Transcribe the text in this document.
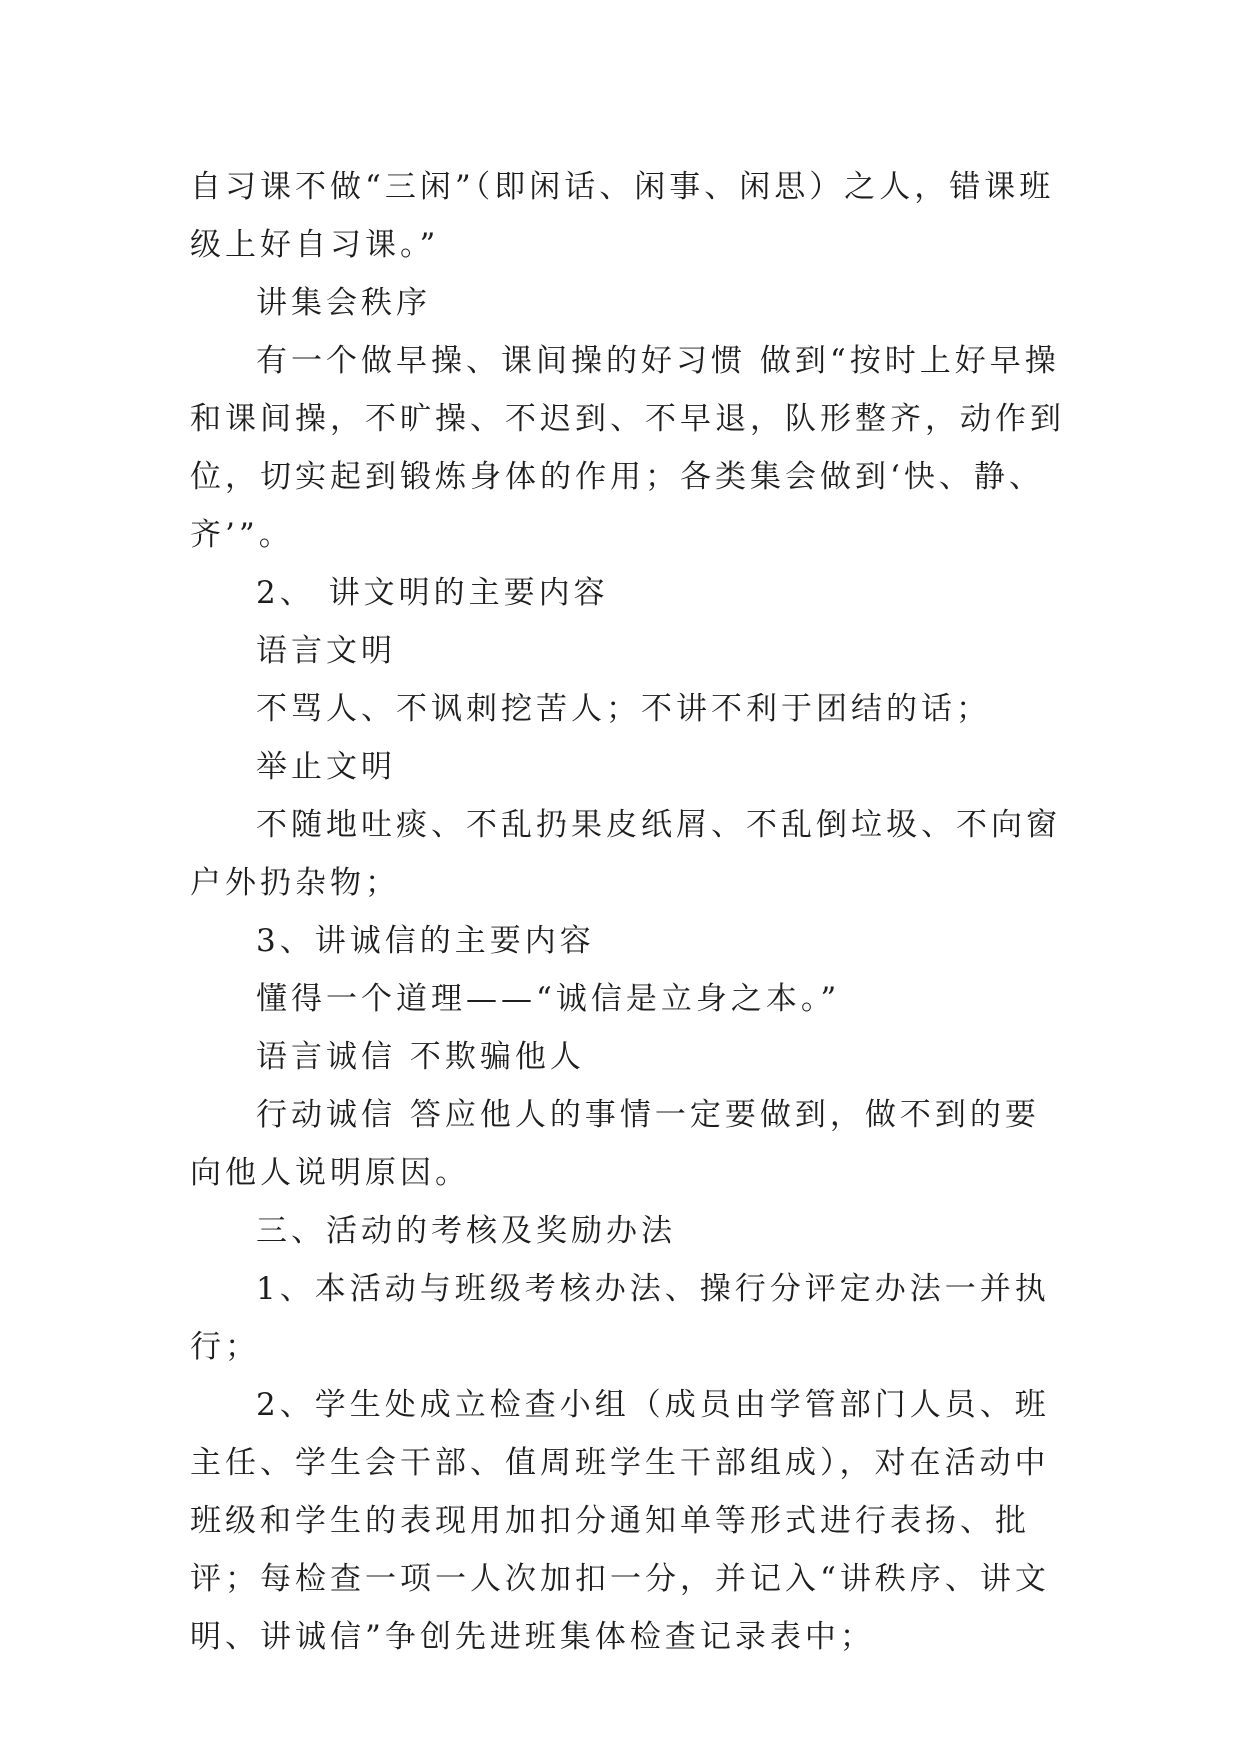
自习课不做“三闲”（即闲话、闲事、闲思）之人，错课班级上好自习课。”

讲集会秩序

有一个做早操、课间操的好习惯 做到“按时上好早操和课间操，不旷操、不迟到、不早退，队形整齐，动作到位，切实起到锻炼身体的作用；各类集会做到‘快、静、齐’”。

2、 讲文明的主要内容

语言文明

不骂人、不讽刺挖苦人；不讲不利于团结的话；

举止文明

不随地吐痰、不乱扔果皮纸屑、不乱倒垃圾、不向窗户外扔杂物；

3、讲诚信的主要内容

懂得一个道理——“诚信是立身之本。”

语言诚信 不欺骗他人

行动诚信 答应他人的事情一定要做到，做不到的要向他人说明原因。

三、活动的考核及奖励办法

1、本活动与班级考核办法、操行分评定办法一并执行；

2、学生处成立检查小组（成员由学管部门人员、班主任、学生会干部、值周班学生干部组成），对在活动中班级和学生的表现用加扣分通知单等形式进行表扬、批评；每检查一项一人次加扣一分，并记入“讲秩序、讲文明、讲诚信”争创先进班集体检查记录表中；
